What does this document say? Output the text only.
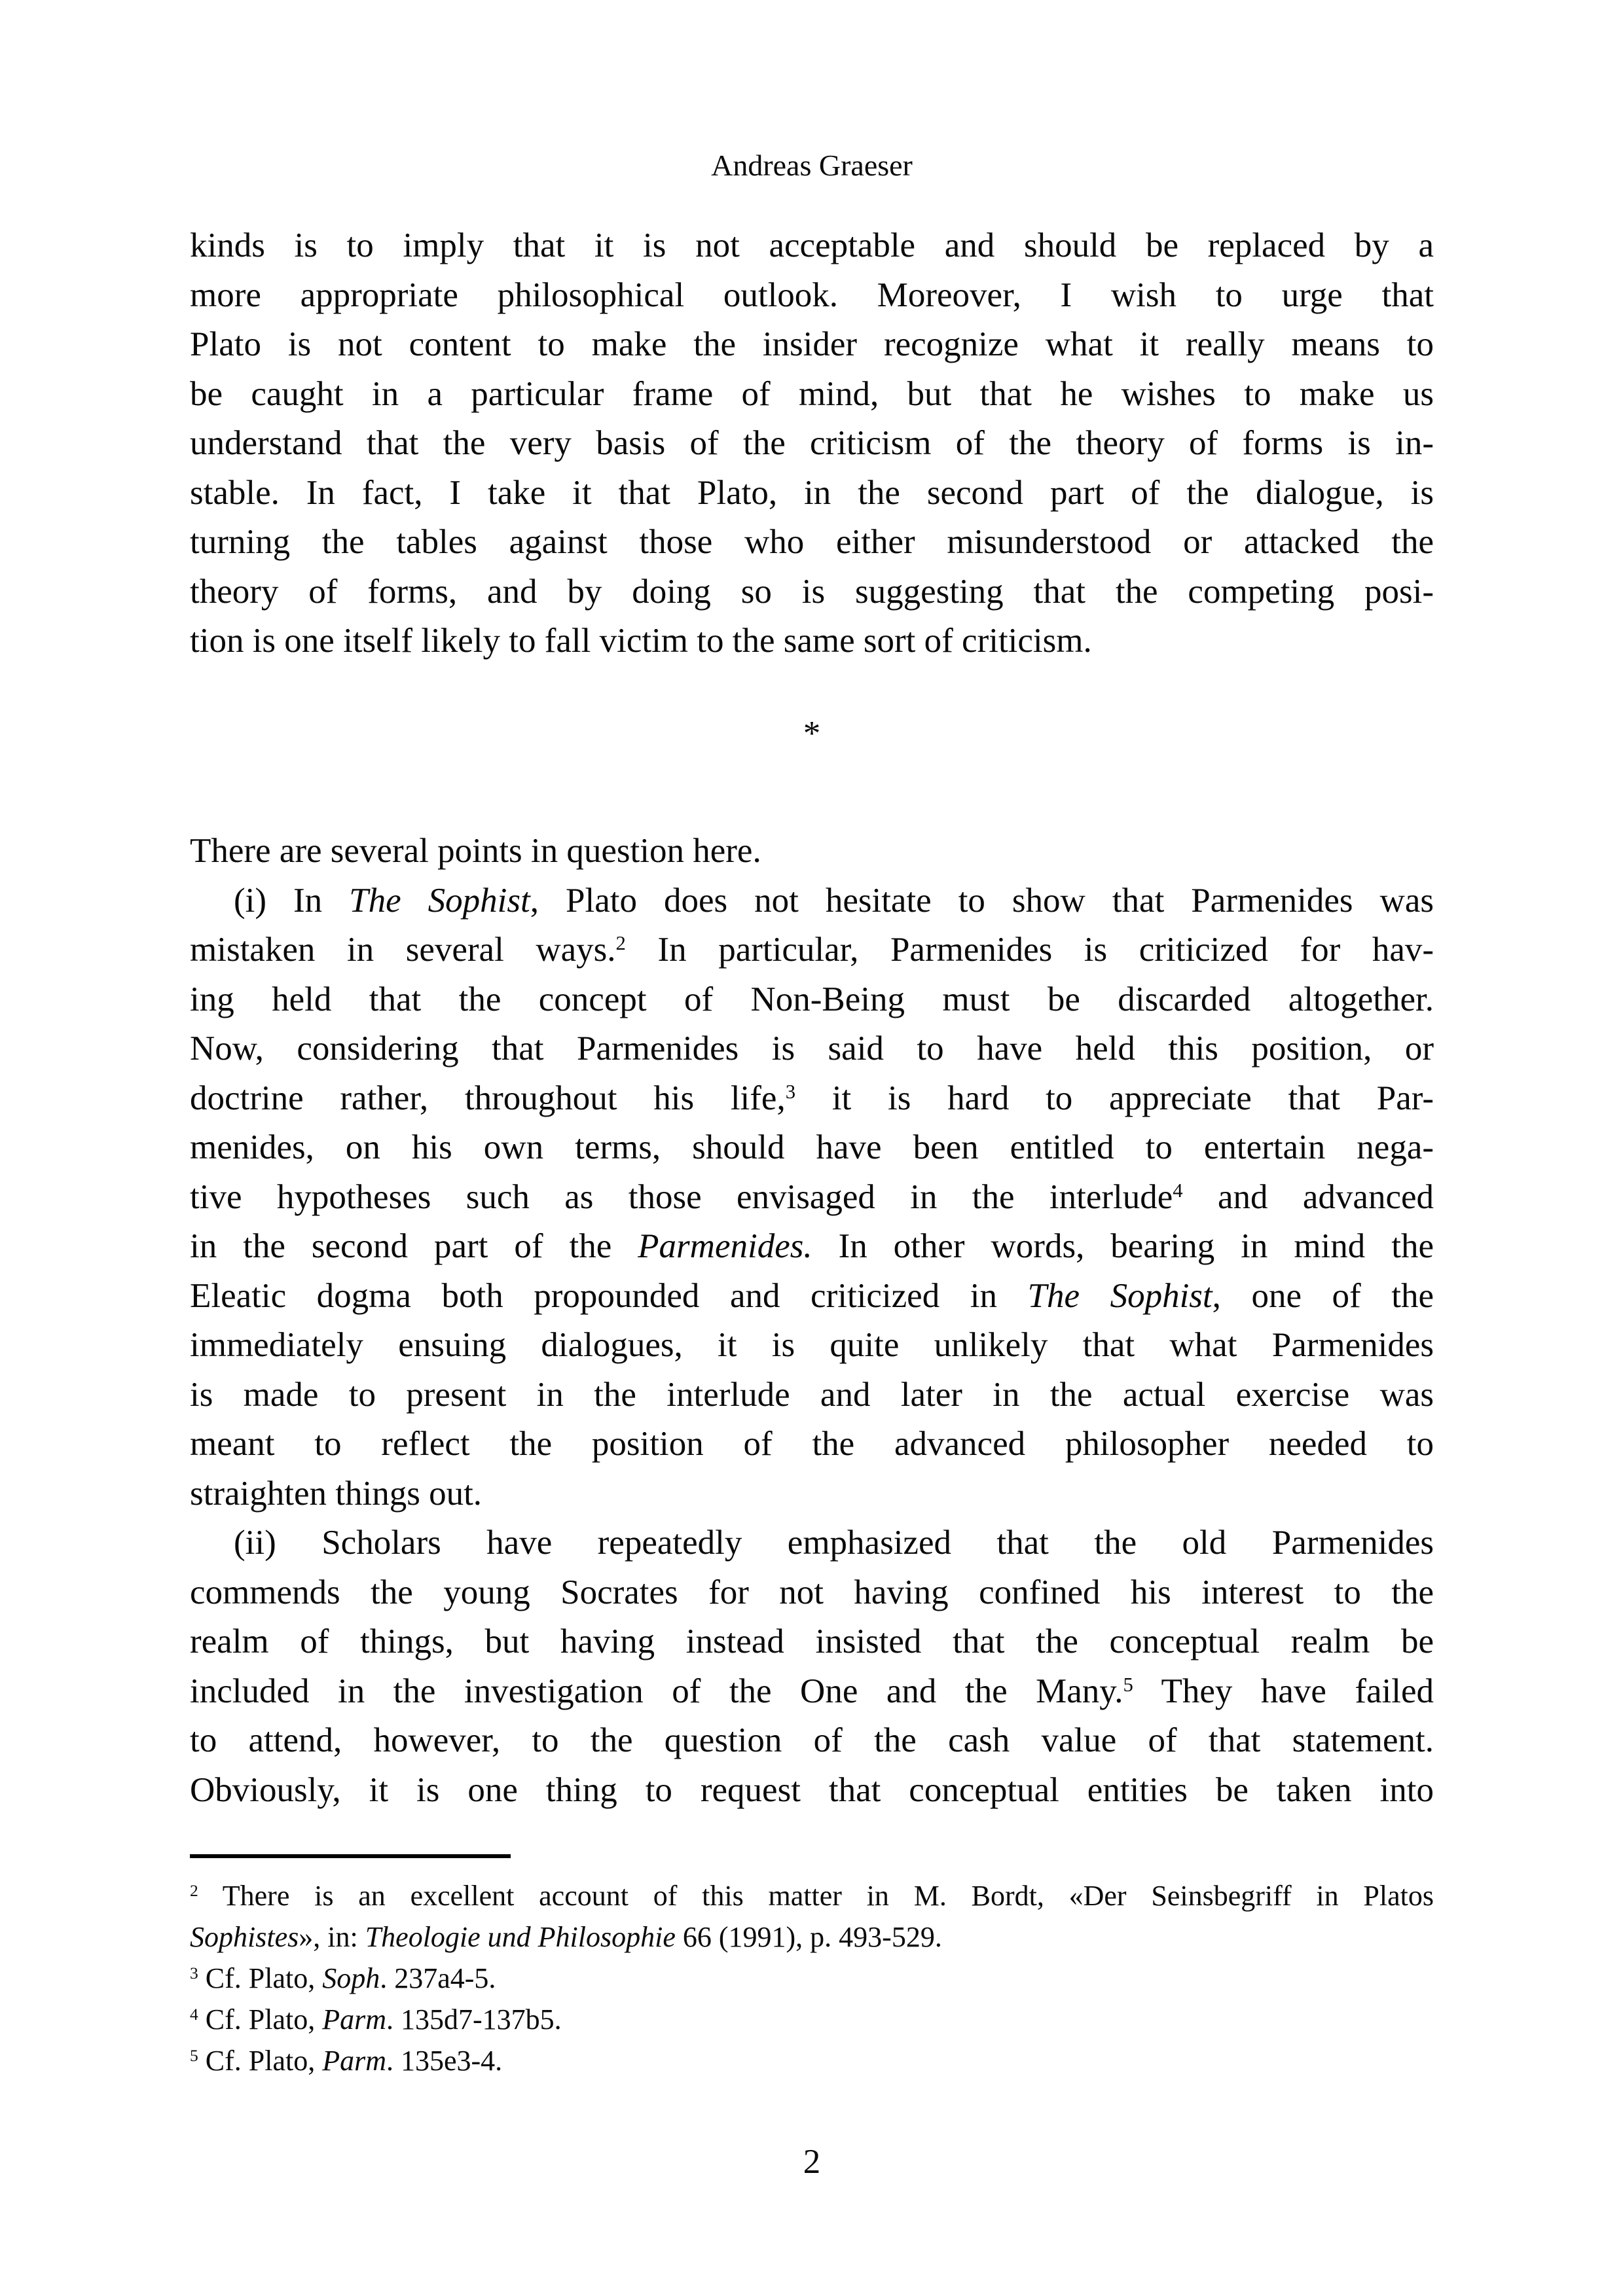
Andreas Graeser
kinds is to imply that it is not acceptable and should be replaced by a
more appropriate philosophical outlook. Moreover, I wish to urge that
Plato is not content to make the insider recognize what it really means to
be caught in a particular frame of mind, but that he wishes to make us
understand that the very basis of the criticism of the theory of forms is in-
stable. In fact, I take it that Plato, in the second part of the dialogue, is
turning the tables against those who either misunderstood or attacked the
theory of forms, and by doing so is suggesting that the competing posi-
tion is one itself likely to fall victim to the same sort of criticism.
*
There are several points in question here.
(i) In The Sophist, Plato does not hesitate to show that Parmenides was
mistaken in several ways.$^2$ In particular, Parmenides is criticized for hav-
ing held that the concept of Non-Being must be discarded altogether.
Now, considering that Parmenides is said to have held this position, or
doctrine rather, throughout his life,$^3$ it is hard to appreciate that Par-
menides, on his own terms, should have been entitled to entertain nega-
tive hypotheses such as those envisaged in the interlude$^4$ and advanced
in the second part of the Parmenides. In other words, bearing in mind the
Eleatic dogma both propounded and criticized in The Sophist, one of the
immediately ensuing dialogues, it is quite unlikely that what Parmenides
is made to present in the interlude and later in the actual exercise was
meant to reflect the position of the advanced philosopher needed to
straighten things out.
(ii) Scholars have repeatedly emphasized that the old Parmenides
commends the young Socrates for not having confined his interest to the
realm of things, but having instead insisted that the conceptual realm be
included in the investigation of the One and the Many.$^5$ They have failed
to attend, however, to the question of the cash value of that statement.
Obviously, it is one thing to request that conceptual entities be taken into
$^2$ There is an excellent account of this matter in M. Bordt, «Der Seinsbegriff in Platos
Sophistes», in: Theologie und Philosophie 66 (1991), p. 493-529.
$^3$ Cf. Plato, Soph. 237a4-5.
$^4$ Cf. Plato, Parm. 135d7-137b5.
$^5$ Cf. Plato, Parm. 135e3-4.
2
